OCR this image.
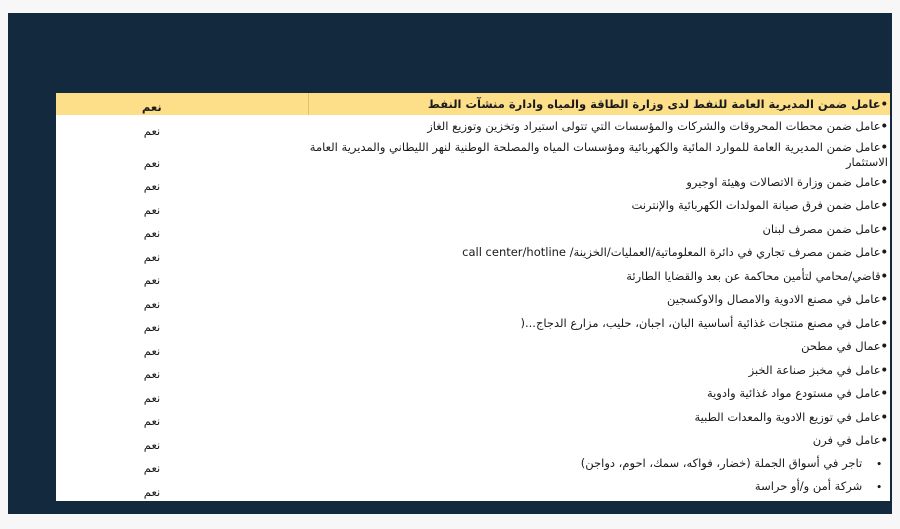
نعم	•عامل ضمن المديرية العامة للنفط لدى وزارة الطاقة والمياه وادارة منشآت النفط
نعم	•عامل ضمن محطات المحروقات والشركات والمؤسسات التي تتولى استيراد وتخزين وتوزيع الغاز
نعم	•عامل ضمن المديرية العامة للموارد المائية والكهربائية ومؤسسات المياه والمصلحة الوطنية لنهر الليطاني والمديرية العامة الاستثمار
نعم	•عامل ضمن وزارة الاتصالات وهيئة اوجيرو
نعم	•عامل ضمن فرق صيانة المولدات الكهربائية والإنترنت
نعم	•عامل ضمن مصرف لبنان
نعم	•عامل ضمن مصرف تجاري في دائرة المعلوماتية/العمليات/الخزينة/ call center/hotline
نعم	•قاضي/محامي لتأمين محاكمة عن بعد والقضايا الطارئة
نعم	•عامل في مصنع الادوية والامصال والاوكسجين
نعم	•عامل في مصنع منتجات غذائية أساسية البان، اجبان، حليب، مزارع الدجاج...(
نعم	•عمال في مطحن
نعم	•عامل في مخبز صناعة الخبز
نعم	•عامل في مستودع مواد غذائية وادوية
نعم	•عامل في توزيع الادوية والمعدات الطبية
نعم	•عامل في فرن
نعم	•تاجر في أسواق الجملة (خضار، فواكه، سمك، احوم، دواجن)
نعم	•شركة أمن و/أو حراسة
